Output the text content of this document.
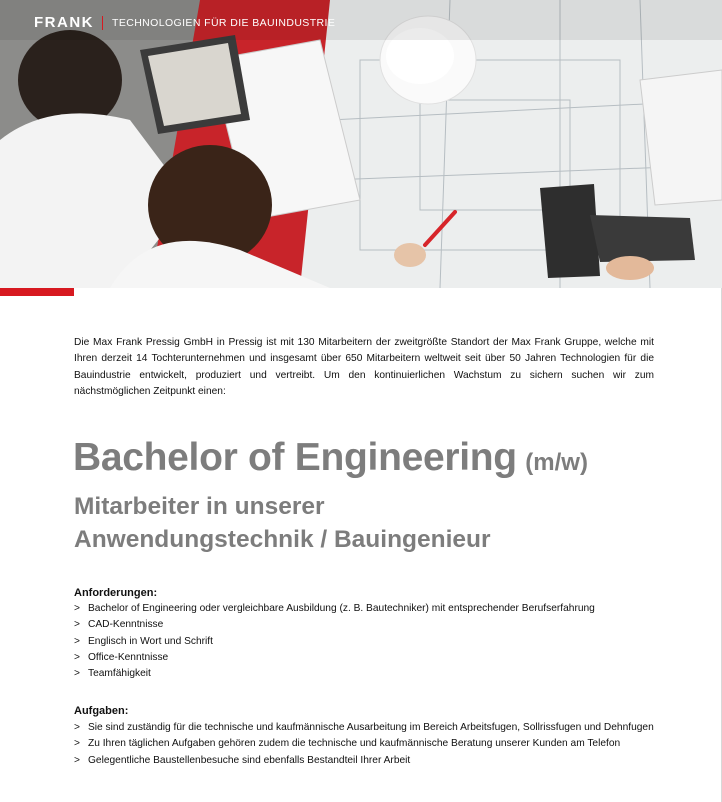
FRANK TECHNOLOGIEN FÜR DIE BAUINDUSTRIE

Die Max Frank Pressig GmbH in Pressig ist mit 130 Mitarbeitern der zweitgrößte Standort der Max Frank Gruppe, welche mit Ihren derzeit 14 Tochterunternehmen und insgesamt über 650 Mitarbeitern weltweit seit über 50 Jahren Technologien für die Bauindustrie entwickelt, produziert und vertreibt. Um den kontinuierlichen Wachstum zu sichern suchen wir zum nächstmöglichen Zeitpunkt einen:

Bachelor of Engineering (m/w)
Mitarbeiter in unserer
Anwendungstechnik / Bauingenieur
Anforderungen:
> Bachelor of Engineering oder vergleichbare Ausbildung (z. B. Bautechniker) mit entsprechender Berufserfahrung
> CAD-Kenntnisse
> Englisch in Wort und Schrift
> Office-Kenntnisse
> Teamfähigkeit
Aufgaben:
> Sie sind zuständig für die technische und kaufmännische Ausarbeitung im Bereich Arbeitsfugen, Sollrissfugen und Dehnfugen
> Zu Ihren täglichen Aufgaben gehören zudem die technische und kaufmännische Beratung unserer Kunden am Telefon
> Gelegentliche Baustellenbesuche sind ebenfalls Bestandteil Ihrer Arbeit
